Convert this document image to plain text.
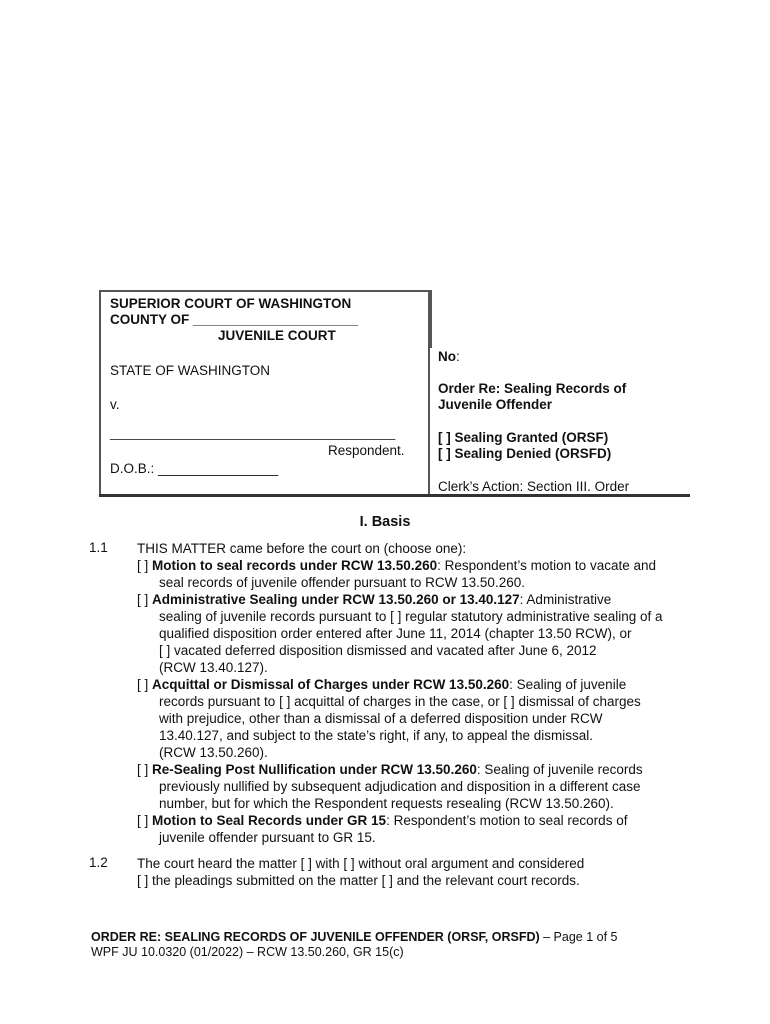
SUPERIOR COURT OF WASHINGTON
COUNTY OF ______________________
JUVENILE COURT
STATE OF WASHINGTON
v.
______________________________________
Respondent.
D.O.B.: ________________
No:
Order Re: Sealing Records of
Juvenile Offender
[ ] Sealing Granted (ORSF)
[ ] Sealing Denied (ORSFD)
Clerk’s Action: Section III. Order
I. Basis
1.1 THIS MATTER came before the court on (choose one):
[ ] Motion to seal records under RCW 13.50.260: Respondent’s motion to vacate and
seal records of juvenile offender pursuant to RCW 13.50.260.
[ ] Administrative Sealing under RCW 13.50.260 or 13.40.127: Administrative
sealing of juvenile records pursuant to [ ] regular statutory administrative sealing of a
qualified disposition order entered after June 11, 2014 (chapter 13.50 RCW), or
[ ] vacated deferred disposition dismissed and vacated after June 6, 2012
(RCW 13.40.127).
[ ] Acquittal or Dismissal of Charges under RCW 13.50.260: Sealing of juvenile
records pursuant to [ ] acquittal of charges in the case, or [ ] dismissal of charges
with prejudice, other than a dismissal of a deferred disposition under RCW
13.40.127, and subject to the state’s right, if any, to appeal the dismissal.
(RCW 13.50.260).
[ ] Re-Sealing Post Nullification under RCW 13.50.260: Sealing of juvenile records
previously nullified by subsequent adjudication and disposition in a different case
number, but for which the Respondent requests resealing (RCW 13.50.260).
[ ] Motion to Seal Records under GR 15: Respondent’s motion to seal records of
juvenile offender pursuant to GR 15.
1.2 The court heard the matter [ ] with [ ] without oral argument and considered
[ ] the pleadings submitted on the matter [ ] and the relevant court records.
ORDER RE: SEALING RECORDS OF JUVENILE OFFENDER (ORSF, ORSFD) – Page 1 of 5
WPF JU 10.0320 (01/2022) – RCW 13.50.260, GR 15(c)
